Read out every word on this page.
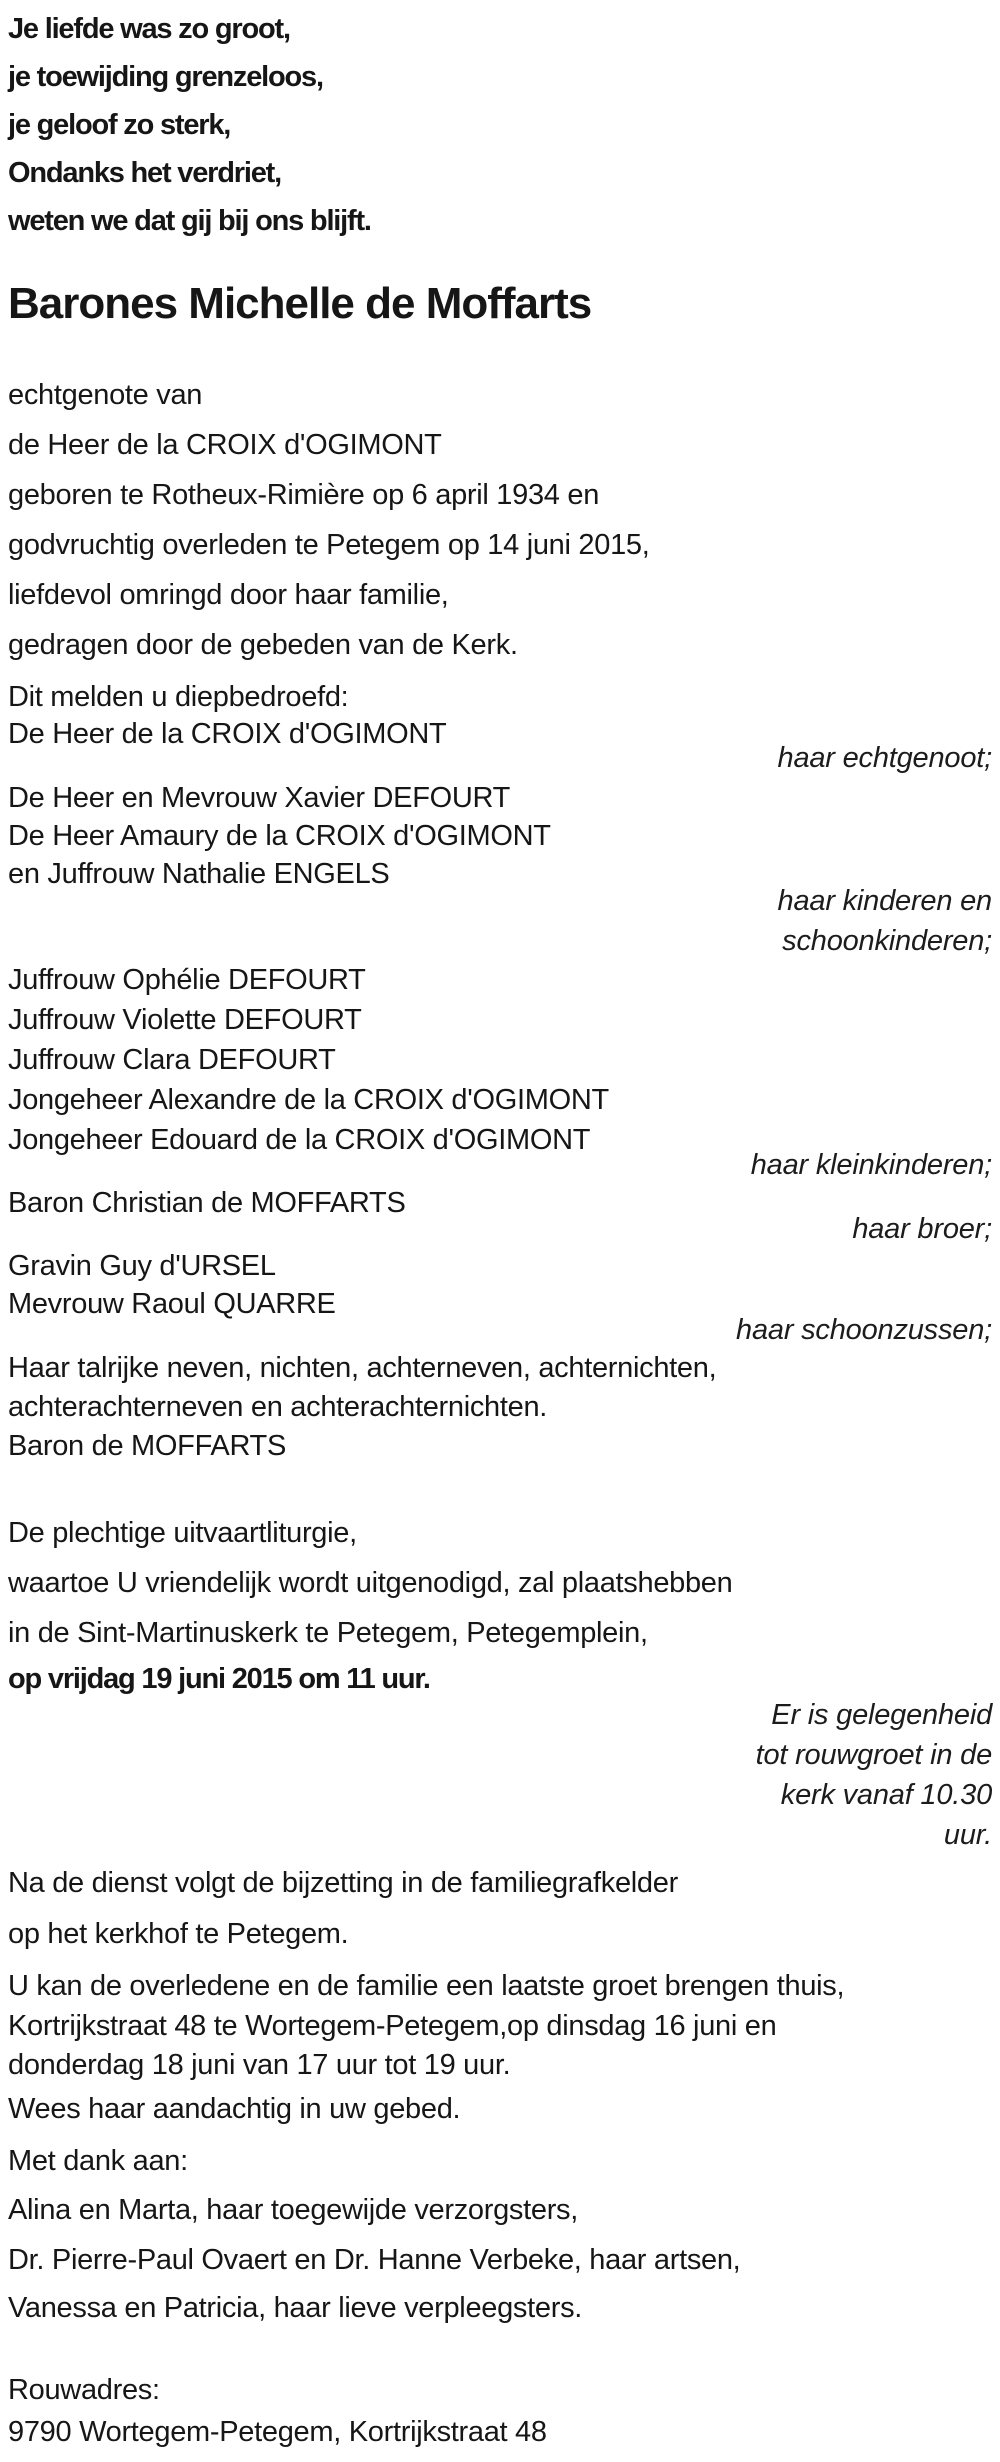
Je liefde was zo groot,
je toewijding grenzeloos,
je geloof zo sterk,
Ondanks het verdriet,
weten we dat gij bij ons blijft.
Barones Michelle de Moffarts
echtgenote van
de Heer de la CROIX d'OGIMONT
geboren te Rotheux-Rimière op 6 april 1934 en
godvruchtig overleden te Petegem op 14 juni 2015,
liefdevol omringd door haar familie,
gedragen door de gebeden van de Kerk.
Dit melden u diepbedroefd:
De Heer de la CROIX d'OGIMONT
haar echtgenoot;
De Heer en Mevrouw Xavier DEFOURT
De Heer Amaury de la CROIX d'OGIMONT
en Juffrouw Nathalie ENGELS
haar kinderen en
schoonkinderen;
Juffrouw Ophélie DEFOURT
Juffrouw Violette DEFOURT
Juffrouw Clara DEFOURT
Jongeheer Alexandre de la CROIX d'OGIMONT
Jongeheer Edouard de la CROIX d'OGIMONT
haar kleinkinderen;
Baron Christian de MOFFARTS
haar broer;
Gravin Guy d'URSEL
Mevrouw Raoul QUARRE
haar schoonzussen;
Haar talrijke neven, nichten, achterneven, achternichten,
achterachterneven en achterachternichten.
Baron de MOFFARTS
De plechtige uitvaartliturgie,
waartoe U vriendelijk wordt uitgenodigd, zal plaatshebben
in de Sint-Martinuskerk te Petegem, Petegemplein,
op vrijdag 19 juni 2015 om 11 uur.
Er is gelegenheid
tot rouwgroet in de
kerk vanaf 10.30
uur.
Na de dienst volgt de bijzetting in de familiegrafkelder
op het kerkhof te Petegem.
U kan de overledene en de familie een laatste groet brengen thuis,
Kortrijkstraat 48 te Wortegem-Petegem,op dinsdag 16 juni en
donderdag 18 juni van 17 uur tot 19 uur.
Wees haar aandachtig in uw gebed.
Met dank aan:
Alina en Marta, haar toegewijde verzorgsters,
Dr. Pierre-Paul Ovaert en Dr. Hanne Verbeke, haar artsen,
Vanessa en Patricia, haar lieve verpleegsters.
Rouwadres:
9790 Wortegem-Petegem, Kortrijkstraat 48
